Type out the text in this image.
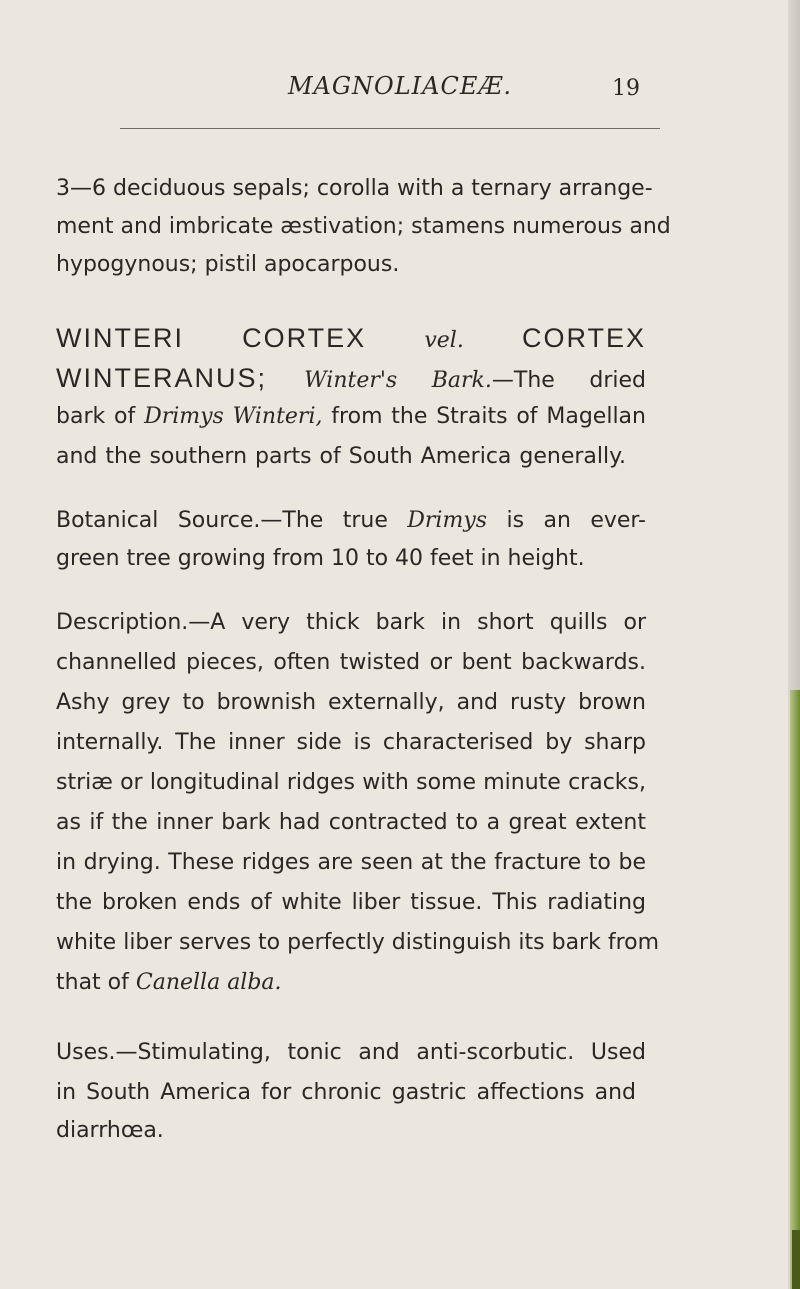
MAGNOLIACEÆ.	19
3—6 deciduous sepals; corolla with a ternary arrange-
ment and imbricate æstivation; stamens numerous and
hypogynous; pistil apocarpous.
WINTERI CORTEX vel. CORTEX
WINTERANUS; Winter's Bark.—The dried
bark of Drimys Winteri, from the Straits of Magellan
and the southern parts of South America generally.
Botanical Source.—The true Drimys is an ever-
green tree growing from 10 to 40 feet in height.
Description.—A very thick bark in short quills or
channelled pieces, often twisted or bent backwards.
Ashy grey to brownish externally, and rusty brown
internally. The inner side is characterised by sharp
striæ or longitudinal ridges with some minute cracks,
as if the inner bark had contracted to a great extent
in drying. These ridges are seen at the fracture to be
the broken ends of white liber tissue. This radiating
white liber serves to perfectly distinguish its bark from
that of Canella alba.
Uses.—Stimulating, tonic and anti-scorbutic. Used
in South America for chronic gastric affections and
diarrhœa.
